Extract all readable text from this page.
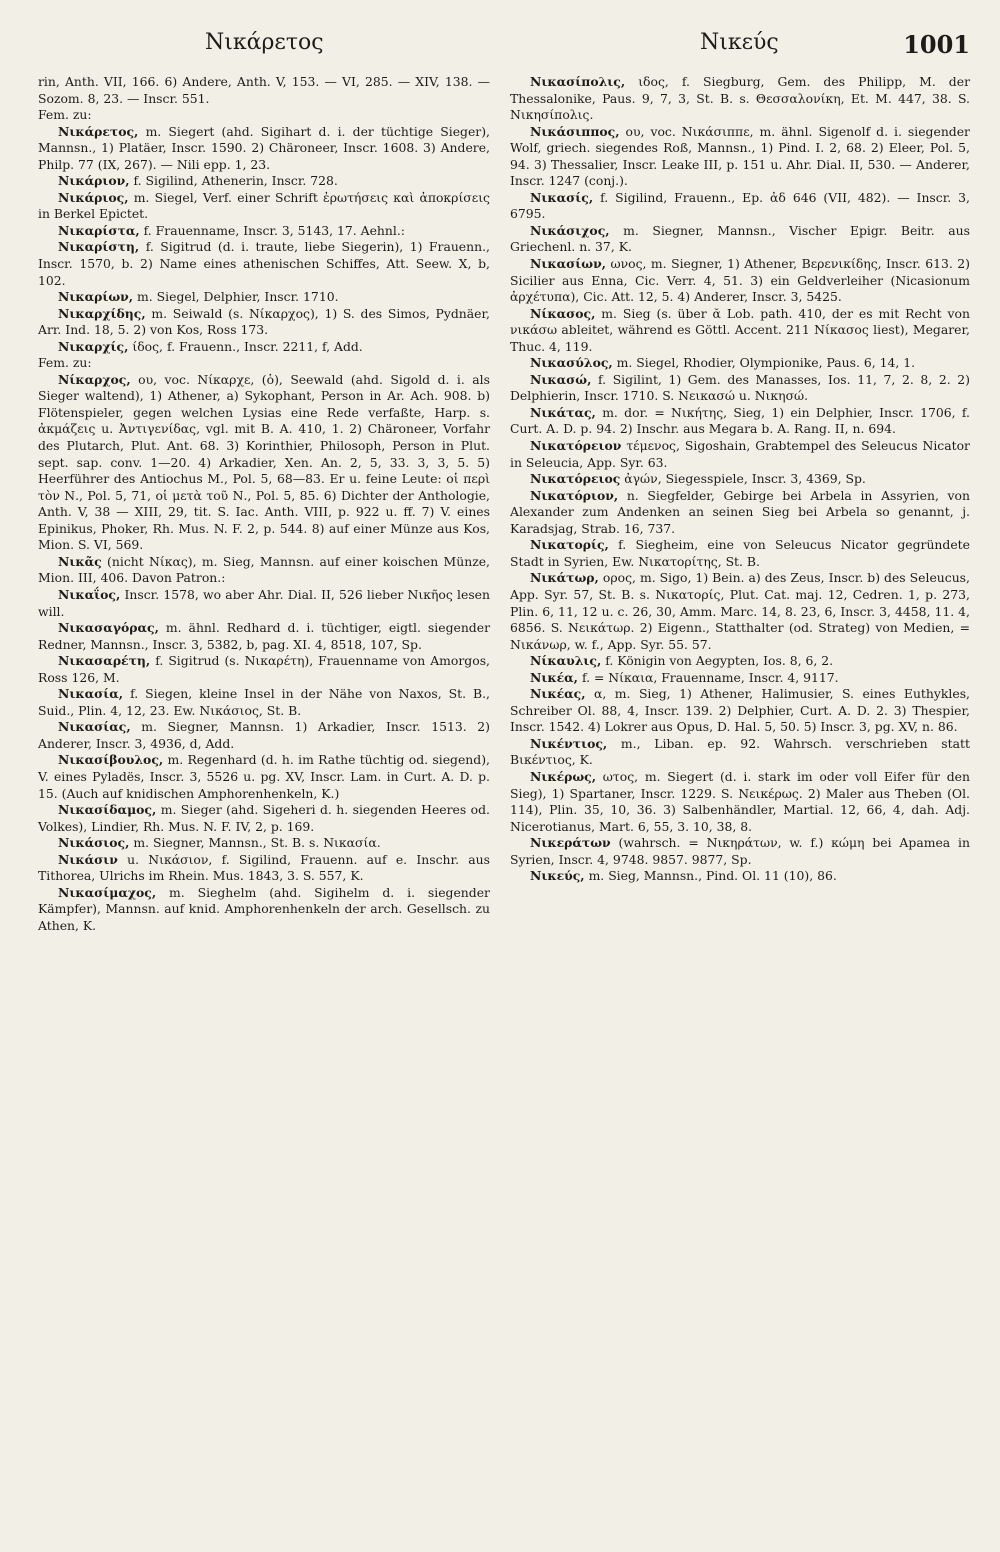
Νικάρετος	Νικεύς	1001

rin, Anth. VII, 166. 6) Andere, Anth. V, 153. — VI, 285. — XIV, 138. — Sozom. 8, 23. — Inscr. 551.

Fem. zu:

Νικάρετος, m. Siegert (ahd. Sigihart d. i. der tüchtige Sieger), Mannsn., 1) Platäer, Inscr. 1590. 2) Chäroneer, Inscr. 1608. 3) Andere, Philp. 77 (IX, 267). — Nili epp. 1, 23.

Νικάριον, f. Sigilind, Athenerin, Inscr. 728.

Νικάριος, m. Siegel, Verf. einer Schrift ἐρωτήσεις καὶ ἀποκρίσεις in Berkel Epictet.

Νικαρίστα, f. Frauenname, Inscr. 3, 5143, 17. Aehnl.:

Νικαρίστη, f. Sigitrud (d. i. traute, liebe Siegerin), 1) Frauenn., Inscr. 1570, b. 2) Name eines athenischen Schiffes, Att. Seew. X, b, 102.

Νικαρίων, m. Siegel, Delphier, Inscr. 1710.

Νικαρχίδης, m. Seiwald (s. Νίκαρχος), 1) S. des Simos, Pydnäer, Arr. Ind. 18, 5. 2) von Kos, Ross 173.

Νικαρχίς, ίδος, f. Frauenn., Inscr. 2211, f, Add.

Fem. zu:

Νίκαρχος, ου, voc. Νίκαρχε, (ὁ), Seewald (ahd. Sigold d. i. als Sieger waltend), 1) Athener, a) Sykophant, Person in Ar. Ach. 908. b) Flötenspieler, gegen welchen Lysias eine Rede verfaßte, Harp. s. ἀκμάζεις u. Ἀντιγενίδας, vgl. mit B. A. 410, 1. 2) Chäroneer, Vorfahr des Plutarch, Plut. Ant. 68. 3) Korinthier, Philosoph, Person in Plut. sept. sap. conv. 1—20. 4) Arkadier, Xen. An. 2, 5, 33. 3, 3, 5. 5) Heerführer des Antiochus M., Pol. 5, 68—83. Er u. feine Leute: οἱ περὶ τὸν Ν., Pol. 5, 71, οἱ μετὰ τοῦ Ν., Pol. 5, 85. 6) Dichter der Anthologie, Anth. V, 38 — XIII, 29, tit. S. Iac. Anth. VIII, p. 922 u. ff. 7) V. eines Epinikus, Phoker, Rh. Mus. N. F. 2, p. 544. 8) auf einer Münze aus Kos, Mion. S. VI, 569.

Νικᾶς (nicht Νίκας), m. Sieg, Mannsn. auf einer koischen Münze, Mion. III, 406. Davon Patron.:

Νικαΐος, Inscr. 1578, wo aber Ahr. Dial. II, 526 lieber Νικῆος lesen will.

Νικασαγόρας, m. ähnl. Redhard d. i. tüchtiger, eigtl. siegender Redner, Mannsn., Inscr. 3, 5382, b, pag. XI. 4, 8518, 107, Sp.

Νικασαρέτη, f. Sigitrud (s. Νικαρέτη), Frauenname von Amorgos, Ross 126, M.

Νικασία, f. Siegen, kleine Insel in der Nähe von Naxos, St. B., Suid., Plin. 4, 12, 23. Ew. Νικάσιος, St. B.

Νικασίας, m. Siegner, Mannsn. 1) Arkadier, Inscr. 1513. 2) Anderer, Inscr. 3, 4936, d, Add.

Νικασίβουλος, m. Regenhard (d. h. im Rathe tüchtig od. siegend), V. eines Pyladës, Inscr. 3, 5526 u. pg. XV, Inscr. Lam. in Curt. A. D. p. 15. (Auch auf knidischen Amphorenhenkeln, K.)

Νικασίδαμος, m. Sieger (ahd. Sigeheri d. h. siegenden Heeres od. Volkes), Lindier, Rh. Mus. N. F. IV, 2, p. 169.

Νικάσιος, m. Siegner, Mannsn., St. B. s. Νικασία.

Νικάσιν u. Νικάσιον, f. Sigilind, Frauenn. auf e. Inschr. aus Tithorea, Ulrichs im Rhein. Mus. 1843, 3. S. 557, K.

Νικασίμαχος, m. Sieghelm (ahd. Sigihelm d. i. siegender Kämpfer), Mannsn. auf knid. Amphorenhenkeln der arch. Gesellsch. zu Athen, K.

Νικασίπολις, ιδος, f. Siegburg, Gem. des Philipp, M. der Thessalonike, Paus. 9, 7, 3, St. B. s. Θεσσαλονίκη, Et. M. 447, 38. S. Νικησίπολις.

Νικάσιππος, ου, voc. Νικάσιππε, m. ähnl. Sigenolf d. i. siegender Wolf, griech. siegendes Roß, Mannsn., 1) Pind. I. 2, 68. 2) Eleer, Pol. 5, 94. 3) Thessalier, Inscr. Leake III, p. 151 u. Ahr. Dial. II, 530. — Anderer, Inscr. 1247 (conj.).

Νικασίς, f. Sigilind, Frauenn., Ep. ἀδ 646 (VII, 482). — Inscr. 3, 6795.

Νικάσιχος, m. Siegner, Mannsn., Vischer Epigr. Beitr. aus Griechenl. n. 37, K.

Νικασίων, ωνος, m. Siegner, 1) Athener, Βερενικίδης, Inscr. 613. 2) Sicilier aus Enna, Cic. Verr. 4, 51. 3) ein Geldverleiher (Nicasionum ἀρχέτυπα), Cic. Att. 12, 5. 4) Anderer, Inscr. 3, 5425.

Νίκασος, m. Sieg (s. über ᾰ Lob. path. 410, der es mit Recht von νικάσω ableitet, während es Göttl. Accent. 211 Νίκασος liest), Megarer, Thuc. 4, 119.

Νικασύλος, m. Siegel, Rhodier, Olympionike, Paus. 6, 14, 1.

Νικασώ, f. Sigilint, 1) Gem. des Manasses, Ios. 11, 7, 2. 8, 2. 2) Delphierin, Inscr. 1710. S. Νεικασώ u. Νικησώ.

Νικάτας, m. dor. = Νικήτης, Sieg, 1) ein Delphier, Inscr. 1706, f. Curt. A. D. p. 94. 2) Inschr. aus Megara b. A. Rang. II, n. 694.

Νικατόρειον τέμενος, Sigoshain, Grabtempel des Seleucus Nicator in Seleucia, App. Syr. 63.

Νικατόρειος ἀγών, Siegesspiele, Inscr. 3, 4369, Sp.

Νικατόριον, n. Siegfelder, Gebirge bei Arbela in Assyrien, von Alexander zum Andenken an seinen Sieg bei Arbela so genannt, j. Karadsjag, Strab. 16, 737.

Νικατορίς, f. Siegheim, eine von Seleucus Nicator gegründete Stadt in Syrien, Ew. Νικατορίτης, St. B.

Νικάτωρ, ορος, m. Sigo, 1) Bein. a) des Zeus, Inscr. b) des Seleucus, App. Syr. 57, St. B. s. Νικατορίς, Plut. Cat. maj. 12, Cedren. 1, p. 273, Plin. 6, 11, 12 u. c. 26, 30, Amm. Marc. 14, 8. 23, 6, Inscr. 3, 4458, 11. 4, 6856. S. Νεικάτωρ. 2) Eigenn., Statthalter (od. Strateg) von Medien, = Νικάνωρ, w. f., App. Syr. 55. 57.

Νίκαυλις, f. Königin von Aegypten, Ios. 8, 6, 2.

Νικέα, f. = Νίκαια, Frauenname, Inscr. 4, 9117.

Νικέας, α, m. Sieg, 1) Athener, Halimusier, S. eines Euthykles, Schreiber Ol. 88, 4, Inscr. 139. 2) Delphier, Curt. A. D. 2. 3) Thespier, Inscr. 1542. 4) Lokrer aus Opus, D. Hal. 5, 50. 5) Inscr. 3, pg. XV, n. 86.

Νικέντιος, m., Liban. ep. 92. Wahrsch. verschrieben statt Βικέντιος, K.

Νικέρως, ωτος, m. Siegert (d. i. stark im oder voll Eifer für den Sieg), 1) Spartaner, Inscr. 1229. S. Νεικέρως. 2) Maler aus Theben (Ol. 114), Plin. 35, 10, 36. 3) Salbenhändler, Martial. 12, 66, 4, dah. Adj. Nicerotianus, Mart. 6, 55, 3. 10, 38, 8.

Νικεράτων (wahrsch. = Νικηράτων, w. f.) κώμη bei Apamea in Syrien, Inscr. 4, 9748. 9857. 9877, Sp.

Νικεύς, m. Sieg, Mannsn., Pind. Ol. 11 (10), 86.
